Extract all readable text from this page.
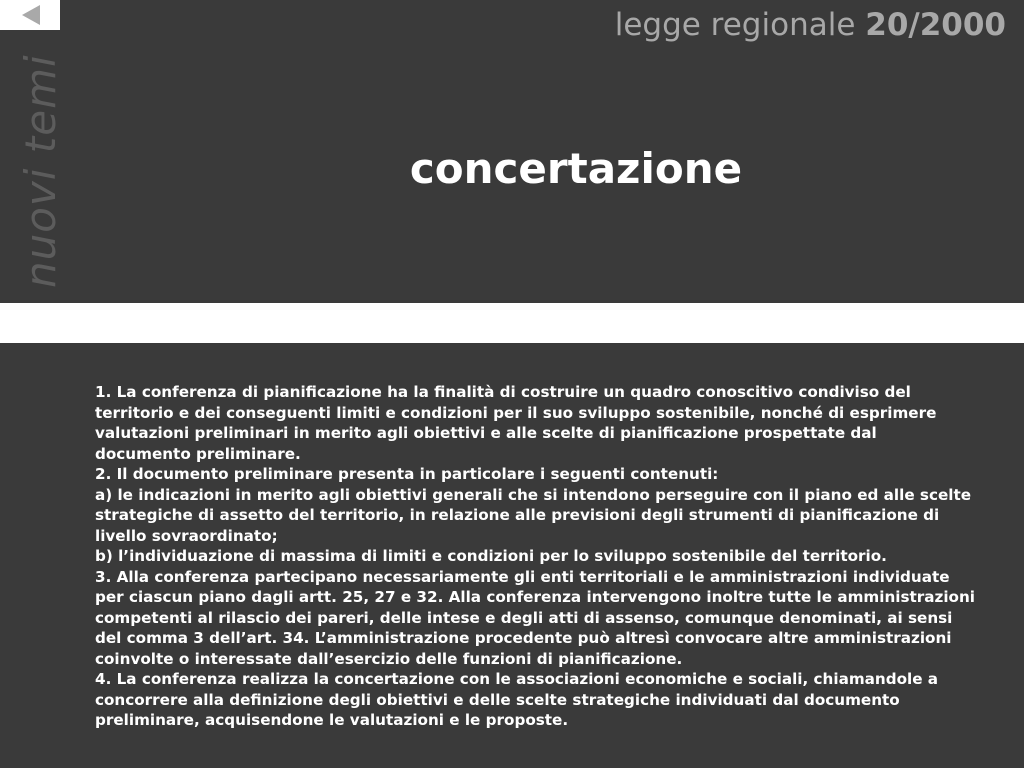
nuovi temi
legge regionale 20/2000
concertazione

1. La conferenza di pianificazione ha la finalità di costruire un quadro conoscitivo condiviso del territorio e dei conseguenti limiti e condizioni per il suo sviluppo sostenibile, nonché di esprimere valutazioni preliminari in merito agli obiettivi e alle scelte di pianificazione prospettate dal documento preliminare.

2. Il documento preliminare presenta in particolare i seguenti contenuti:

a) le indicazioni in merito agli obiettivi generali che si intendono perseguire con il piano ed alle scelte strategiche di assetto del territorio, in relazione alle previsioni degli strumenti di pianificazione di livello sovraordinato;

b) l’individuazione di massima di limiti e condizioni per lo sviluppo sostenibile del territorio.

3. Alla conferenza partecipano necessariamente gli enti territoriali e le amministrazioni individuate per ciascun piano dagli artt. 25, 27 e 32. Alla conferenza intervengono inoltre tutte le amministrazioni competenti al rilascio dei pareri, delle intese e degli atti di assenso, comunque denominati, ai sensi del comma 3 dell’art. 34. L’amministrazione procedente può altresì convocare altre amministrazioni coinvolte o interessate dall’esercizio delle funzioni di pianificazione.

4. La conferenza realizza la concertazione con le associazioni economiche e sociali, chiamandole a concorrere alla definizione degli obiettivi e delle scelte strategiche individuati dal documento preliminare, acquisendone le valutazioni e le proposte.
